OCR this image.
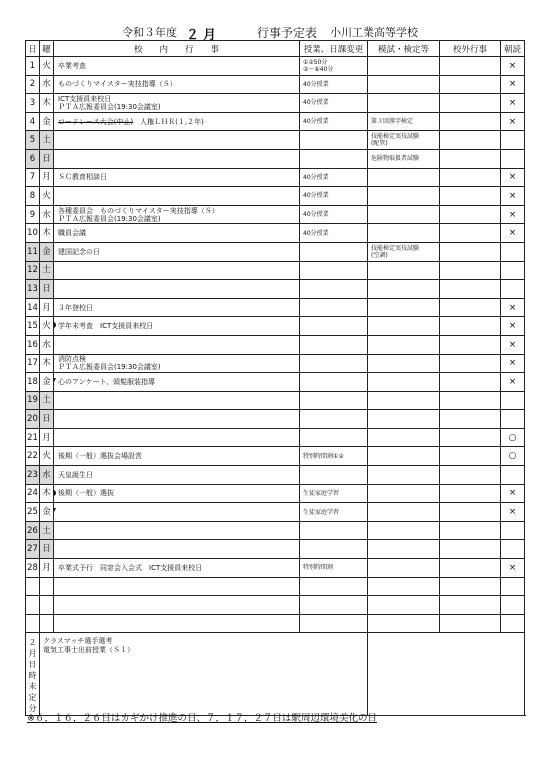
令和３年度 ２月	行事予定表 小川工業高等学校
日	曜	校　　内　　行　　事	授業、日課変更	模試・検定等	校外行事	朝読
1	火	卒業考査	①②50分
②～⑥40分			×
2	水	ものづくりマイスター実技指導（Ｓ）	40分授業			×
3	木	ICT支援員来校日
ＰＴＡ広報委員会(19:30会議室)	40分授業			×
4	金	ロードレース大会(中止)　人権ＬＨＲ(１,２年)	40分授業	第３回漢字検定		×
5	土			技能検定実技試験
(配管)		
6	日			危険物取扱者試験		
7	月	ＳＣ教育相談日	40分授業			×
8	火		40分授業			×
9	水	各種委員会　ものづくりマイスター実技指導（Ｓ）
ＰＴＡ広報委員会(19:30会議室)	40分授業			×
10	木	職員会議	40分授業			×
11	金	建国記念の日		技能検定実技試験
(空調)		
12	土					
13	日					
14	月	３年登校日				×
15	火	学年末考査　ICT支援員来校日				×
16	水					×
17	木	消防点検
ＰＴＡ広報委員会(19:30会議室)				×
18	金	心のアンケート、頭髪服装指導				×
19	土					
20	日					
21	月					○
22	火	後期（一般）選抜会場設営	特別時間割①②			○
23	水	天皇誕生日				

24	木	後期（一般）選抜	生徒家庭学習			×
25	金		生徒家庭学習			×
26	土					
27	日					
28	月	卒業式予行　同窓会入会式　ICT支援員来校日	特別時間割			×

２月日時未定分	クラスマッチ選手選考
電気工事士出前授業（Ｓ１）					

※６，１６，２６日はカギかけ推進の日、７，１７，２７日は駅周辺環境美化の日
